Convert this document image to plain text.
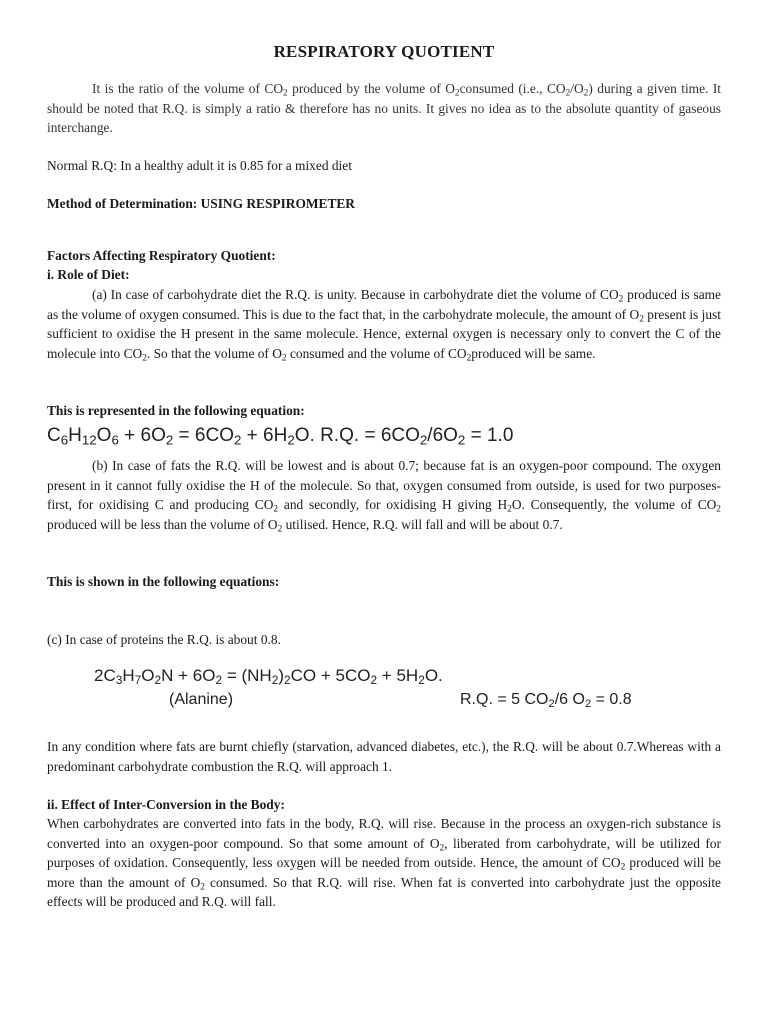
RESPIRATORY QUOTIENT
It is the ratio of the volume of $CO_2$ produced by the volume of $O_2consumed$ (i.e., $CO_2/O_2$) during a given time. It should be noted that R.Q. is simply a ratio & therefore has no units. It gives no idea as to the absolute quantity of gaseous interchange.
Normal R.Q: In a healthy adult it is 0.85 for a mixed diet
Method of Determination: USING RESPIROMETER
Factors Affecting Respiratory Quotient:
i. Role of Diet:
(a) In case of carbohydrate diet the R.Q. is unity. Because in carbohydrate diet the volume of $CO_2$ produced is same as the volume of oxygen consumed. This is due to the fact that, in the carbohydrate molecule, the amount of $O_2$ present is just sufficient to oxidise the H present in the same molecule. Hence, external oxygen is necessary only to convert the C of the molecule into $CO_2$. So that the volume of $O_2$ consumed and the volume of $CO_2produced$ will be same.
This is represented in the following equation:
$C_6H_{12}O_6 + 6O_2 = 6CO_2 + 6H_2O$. R.Q. = $6CO_2/6O_2 = 1.0$
(b) In case of fats the R.Q. will be lowest and is about 0.7; because fat is an oxygen-poor compound. The oxygen present in it cannot fully oxidise the H of the molecule. So that, oxygen consumed from outside, is used for two purposes-first, for oxidising C and producing $CO_2$ and secondly, for oxidising H giving $H_2O$. Consequently, the volume of $CO_2$ produced will be less than the volume of $O_2$ utilised. Hence, R.Q. will fall and will be about 0.7.
This is shown in the following equations:
(c) In case of proteins the R.Q. is about 0.8.
$2C_3H_7O_2N + 6O_2 = (NH_2)_2CO + 5CO_2 + 5H_2O$.
(Alanine)	R.Q. = 5 $CO_2/6$ $O_2 = 0.8$
In any condition where fats are burnt chiefly (starvation, advanced diabetes, etc.), the R.Q. will be about 0.7.Whereas with a predominant carbohydrate combustion the R.Q. will approach 1.
ii. Effect of Inter-Conversion in the Body:
When carbohydrates are converted into fats in the body, R.Q. will rise. Because in the process an oxygen-rich substance is converted into an oxygen-poor compound. So that some amount of $O_2$, liberated from carbohydrate, will be utilized for purposes of oxidation. Consequently, less oxygen will be needed from outside. Hence, the amount of $CO_2$ produced will be more than the amount of $O_2$ consumed. So that R.Q. will rise. When fat is converted into carbohydrate just the opposite effects will be produced and R.Q. will fall.
